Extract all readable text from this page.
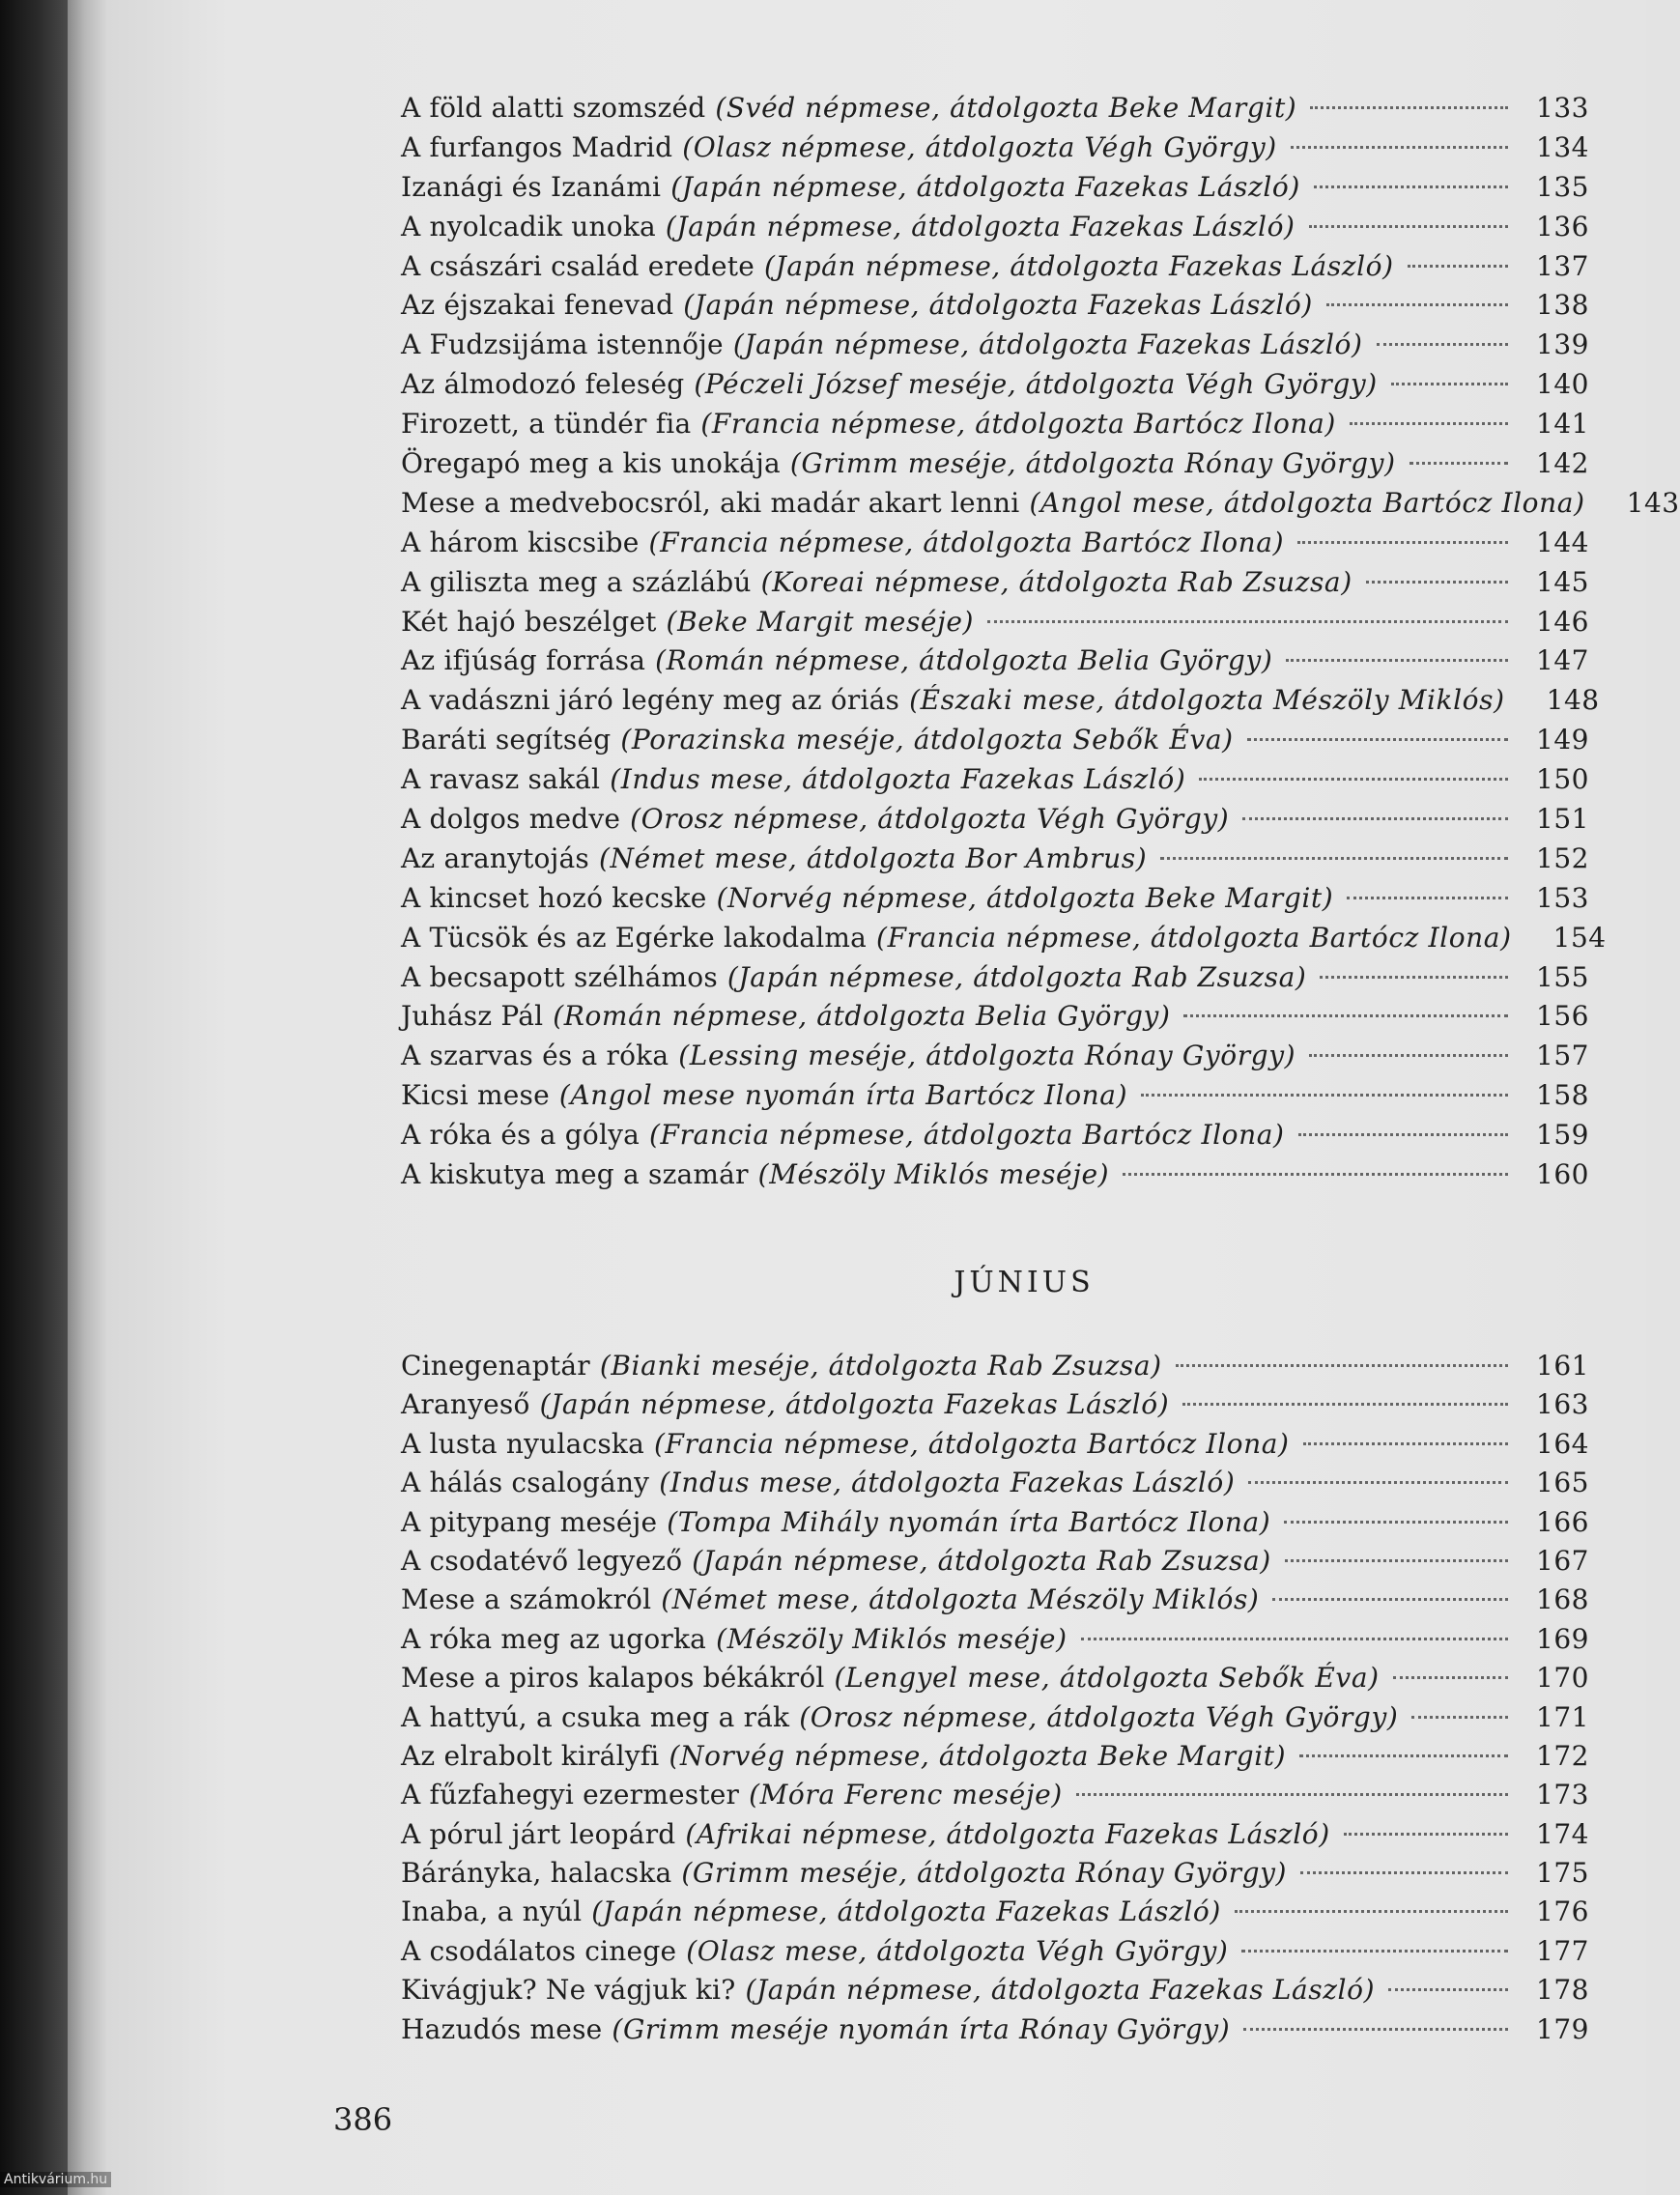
A föld alatti szomszéd (Svéd népmese, átdolgozta Beke Margit)	133
A furfangos Madrid (Olasz népmese, átdolgozta Végh György)	134
Izanági és Izanámi (Japán népmese, átdolgozta Fazekas László)	135
A nyolcadik unoka (Japán népmese, átdolgozta Fazekas László)	136
A császári család eredete (Japán népmese, átdolgozta Fazekas László)	137
Az éjszakai fenevad (Japán népmese, átdolgozta Fazekas László)	138
A Fudzsijáma istennője (Japán népmese, átdolgozta Fazekas László)	139
Az álmodozó feleség (Péczeli József meséje, átdolgozta Végh György)	140
Firozett, a tündér fia (Francia népmese, átdolgozta Bartócz Ilona)	141
Öregapó meg a kis unokája (Grimm meséje, átdolgozta Rónay György)	142
Mese a medvebocsról, aki madár akart lenni (Angol mese, átdolgozta Bartócz Ilona)	143
A három kiscsibe (Francia népmese, átdolgozta Bartócz Ilona)	144
A giliszta meg a százlábú (Koreai népmese, átdolgozta Rab Zsuzsa)	145
Két hajó beszélget (Beke Margit meséje)	146
Az ifjúság forrása (Román népmese, átdolgozta Belia György)	147
A vadászni járó legény meg az óriás (Északi mese, átdolgozta Mészöly Miklós)	148
Baráti segítség (Porazinska meséje, átdolgozta Sebők Éva)	149
A ravasz sakál (Indus mese, átdolgozta Fazekas László)	150
A dolgos medve (Orosz népmese, átdolgozta Végh György)	151
Az aranytojás (Német mese, átdolgozta Bor Ambrus)	152
A kincset hozó kecske (Norvég népmese, átdolgozta Beke Margit)	153
A Tücsök és az Egérke lakodalma (Francia népmese, átdolgozta Bartócz Ilona)	154
A becsapott szélhámos (Japán népmese, átdolgozta Rab Zsuzsa)	155
Juhász Pál (Román népmese, átdolgozta Belia György)	156
A szarvas és a róka (Lessing meséje, átdolgozta Rónay György)	157
Kicsi mese (Angol mese nyomán írta Bartócz Ilona)	158
A róka és a gólya (Francia népmese, átdolgozta Bartócz Ilona)	159
A kiskutya meg a szamár (Mészöly Miklós meséje)	160
JÚNIUS
Cinegenaptár (Bianki meséje, átdolgozta Rab Zsuzsa)	161
Aranyeső (Japán népmese, átdolgozta Fazekas László)	163
A lusta nyulacska (Francia népmese, átdolgozta Bartócz Ilona)	164
A hálás csalogány (Indus mese, átdolgozta Fazekas László)	165
A pitypang meséje (Tompa Mihály nyomán írta Bartócz Ilona)	166
A csodatévő legyező (Japán népmese, átdolgozta Rab Zsuzsa)	167
Mese a számokról (Német mese, átdolgozta Mészöly Miklós)	168
A róka meg az ugorka (Mészöly Miklós meséje)	169
Mese a piros kalapos békákról (Lengyel mese, átdolgozta Sebők Éva)	170
A hattyú, a csuka meg a rák (Orosz népmese, átdolgozta Végh György)	171
Az elrabolt királyfi (Norvég népmese, átdolgozta Beke Margit)	172
A fűzfahegyi ezermester (Móra Ferenc meséje)	173
A pórul járt leopárd (Afrikai népmese, átdolgozta Fazekas László)	174
Báránykа, halacska (Grimm meséje, átdolgozta Rónay György)	175
Inaba, a nyúl (Japán népmese, átdolgozta Fazekas László)	176
A csodálatos cinege (Olasz mese, átdolgozta Végh György)	177
Kivágjuk? Ne vágjuk ki? (Japán népmese, átdolgozta Fazekas László)	178
Hazudós mese (Grimm meséje nyomán írta Rónay György)	179
386
Antikvárium.hu
